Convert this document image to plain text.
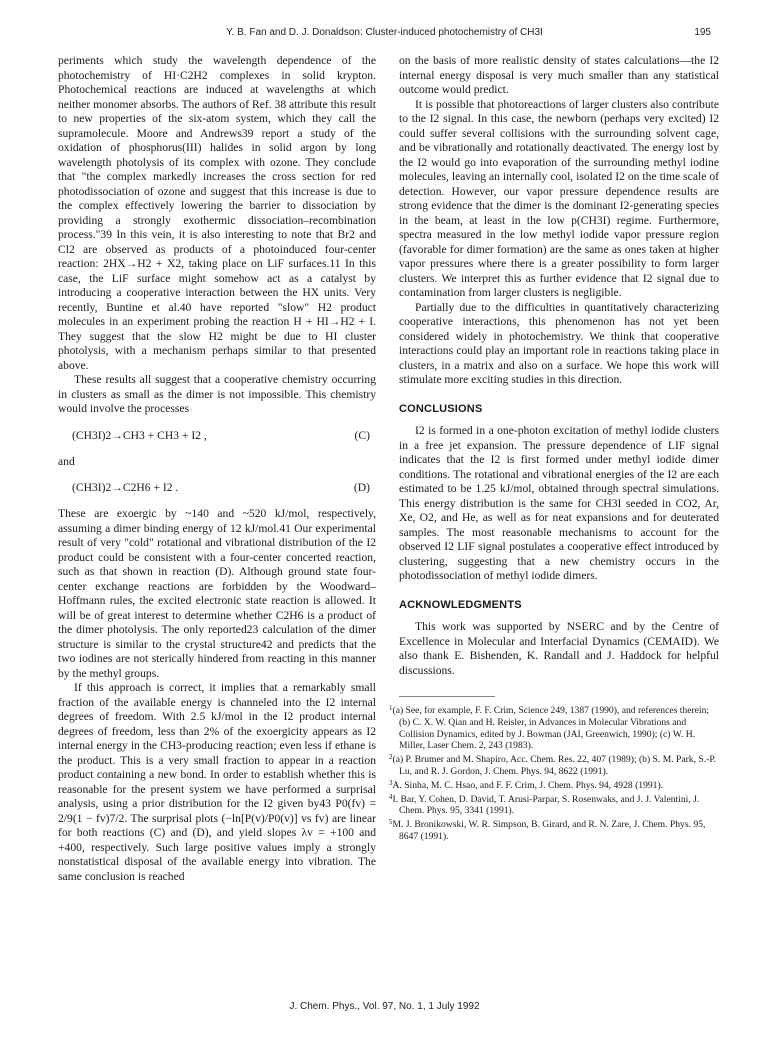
Y. B. Fan and D. J. Donaldson: Cluster-induced photochemistry of CH3I	195

periments which study the wavelength dependence of the photochemistry of HI·C2H2 complexes in solid krypton. Photochemical reactions are induced at wavelengths at which neither monomer absorbs. The authors of Ref. 38 attribute this result to new properties of the six-atom system, which they call the supramolecule. Moore and Andrews39 report a study of the oxidation of phosphorus(III) halides in solid argon by long wavelength photolysis of its complex with ozone. They conclude that "the complex markedly increases the cross section for red photodissociation of ozone and suggest that this increase is due to the complex effectively lowering the barrier to dissociation by providing a strongly exothermic dissociation–recombination process."39 In this vein, it is also interesting to note that Br2 and Cl2 are observed as products of a photoinduced four-center reaction: 2HX→H2 + X2, taking place on LiF surfaces.11 In this case, the LiF surface might somehow act as a catalyst by introducing a cooperative interaction between the HX units. Very recently, Buntine et al.40 have reported "slow" H2 product molecules in an experiment probing the reaction H + HI→H2 + I. They suggest that the slow H2 might be due to HI cluster photolysis, with a mechanism perhaps similar to that presented above.

These results all suggest that a cooperative chemistry occurring in clusters as small as the dimer is not impossible. This chemistry would involve the processes

(CH3I)2→CH3 + CH3 + I2 ,	(C)

and

(CH3I)2→C2H6 + I2 .	(D)

These are exoergic by ~140 and ~520 kJ/mol, respectively, assuming a dimer binding energy of 12 kJ/mol.41 Our experimental result of very "cold" rotational and vibrational distribution of the I2 product could be consistent with a four-center concerted reaction, such as that shown in reaction (D). Although ground state four-center exchange reactions are forbidden by the Woodward–Hoffmann rules, the excited electronic state reaction is allowed. It will be of great interest to determine whether C2H6 is a product of the dimer photolysis. The only reported23 calculation of the dimer structure is similar to the crystal structure42 and predicts that the two iodines are not sterically hindered from reacting in this manner by the methyl groups.

If this approach is correct, it implies that a remarkably small fraction of the available energy is channeled into the I2 internal degrees of freedom. With 2.5 kJ/mol in the I2 product internal degrees of freedom, less than 2% of the exoergicity appears as I2 internal energy in the CH3-producing reaction; even less if ethane is the product. This is a very small fraction to appear in a reaction product containing a new bond. In order to establish whether this is reasonable for the present system we have performed a surprisal analysis, using a prior distribution for the I2 given by43 P0(fv) = 2/9(1 − fv)7/2. The surprisal plots (−ln[P(v)/P0(v)] vs fv) are linear for both reactions (C) and (D), and yield slopes λv = +100 and +400, respectively. Such large positive values imply a strongly nonstatistical disposal of the available energy into vibration. The same conclusion is reached

on the basis of more realistic density of states calculations—the I2 internal energy disposal is very much smaller than any statistical outcome would predict.

It is possible that photoreactions of larger clusters also contribute to the I2 signal. In this case, the newborn (perhaps very excited) I2 could suffer several collisions with the surrounding solvent cage, and be vibrationally and rotationally deactivated. The energy lost by the I2 would go into evaporation of the surrounding methyl iodine molecules, leaving an internally cool, isolated I2 on the time scale of detection. However, our vapor pressure dependence results are strong evidence that the dimer is the dominant I2-generating species in the beam, at least in the low p(CH3I) regime. Furthermore, spectra measured in the low methyl iodide vapor pressure region (favorable for dimer formation) are the same as ones taken at higher vapor pressures where there is a greater possibility to form larger clusters. We interpret this as further evidence that I2 signal due to contamination from larger clusters is negligible.

Partially due to the difficulties in quantitatively characterizing cooperative interactions, this phenomenon has not yet been considered widely in photochemistry. We think that cooperative interactions could play an important role in reactions taking place in clusters, in a matrix and also on a surface. We hope this work will stimulate more exciting studies in this direction.

CONCLUSIONS

I2 is formed in a one-photon excitation of methyl iodide clusters in a free jet expansion. The pressure dependence of LIF signal indicates that the I2 is first formed under methyl iodide dimer conditions. The rotational and vibrational energies of the I2 are each estimated to be 1.25 kJ/mol, obtained through spectral simulations. This energy distribution is the same for CH3I seeded in CO2, Ar, Xe, O2, and He, as well as for neat expansions and for deuterated samples. The most reasonable mechanisms to account for the observed I2 LIF signal postulates a cooperative effect introduced by clustering, suggesting that a new chemistry occurs in the photodissociation of methyl iodide dimers.

ACKNOWLEDGMENTS

This work was supported by NSERC and by the Centre of Excellence in Molecular and Interfacial Dynamics (CEMAID). We also thank E. Bishenden, K. Randall and J. Haddock for helpful discussions.

$^1$(a) See, for example, F. F. Crim, Science 249, 1387 (1990), and references therein; (b) C. X. W. Qian and H. Reisler, in Advances in Molecular Vibrations and Collision Dynamics, edited by J. Bowman (JAI, Greenwich, 1990); (c) W. H. Miller, Laser Chem. 2, 243 (1983).

$^2$(a) P. Brumer and M. Shapiro, Acc. Chem. Res. 22, 407 (1989); (b) S. M. Park, S.-P. Lu, and R. J. Gordon, J. Chem. Phys. 94, 8622 (1991).

$^3$A. Sinha, M. C. Hsao, and F. F. Crim, J. Chem. Phys. 94, 4928 (1991).

$^4$I. Bar, Y. Cohen, D. David, T. Arusi-Parpar, S. Rosenwaks, and J. J. Valentini, J. Chem. Phys. 95, 3341 (1991).

$^5$M. J. Bronikowski, W. R. Simpson, B. Girard, and R. N. Zare, J. Chem. Phys. 95, 8647 (1991).

J. Chem. Phys., Vol. 97, No. 1, 1 July 1992
